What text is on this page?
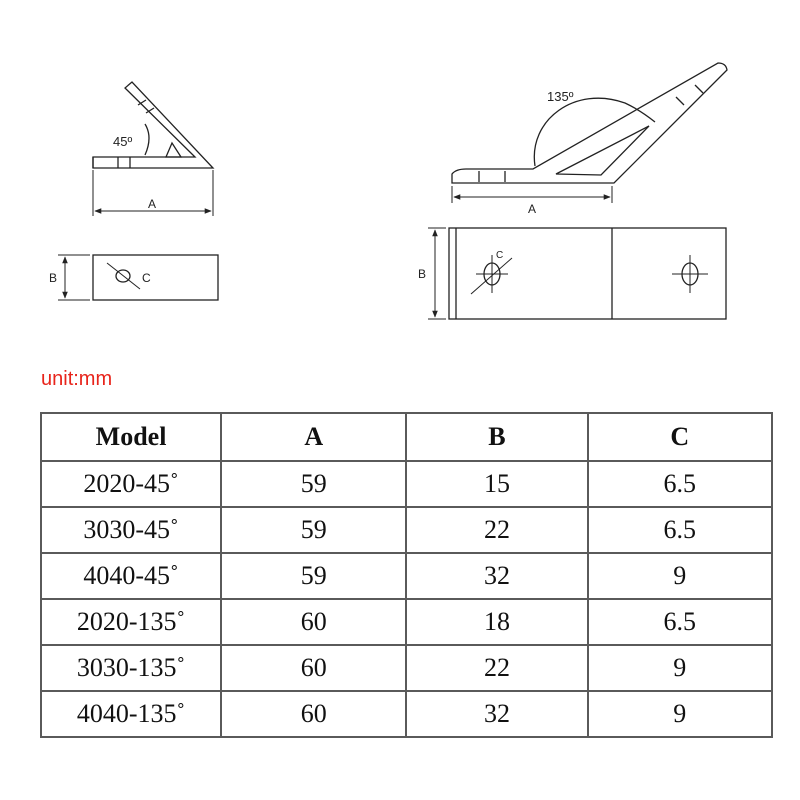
45º
A
B	C
135º
A
B
C
unit:mm
Model	A	B	C
2020-45˚	59	15	6.5
3030-45˚	59	22	6.5
4040-45˚	59	32	9
2020-135˚	60	18	6.5
3030-135˚	60	22	9
4040-135˚	60	32	9
